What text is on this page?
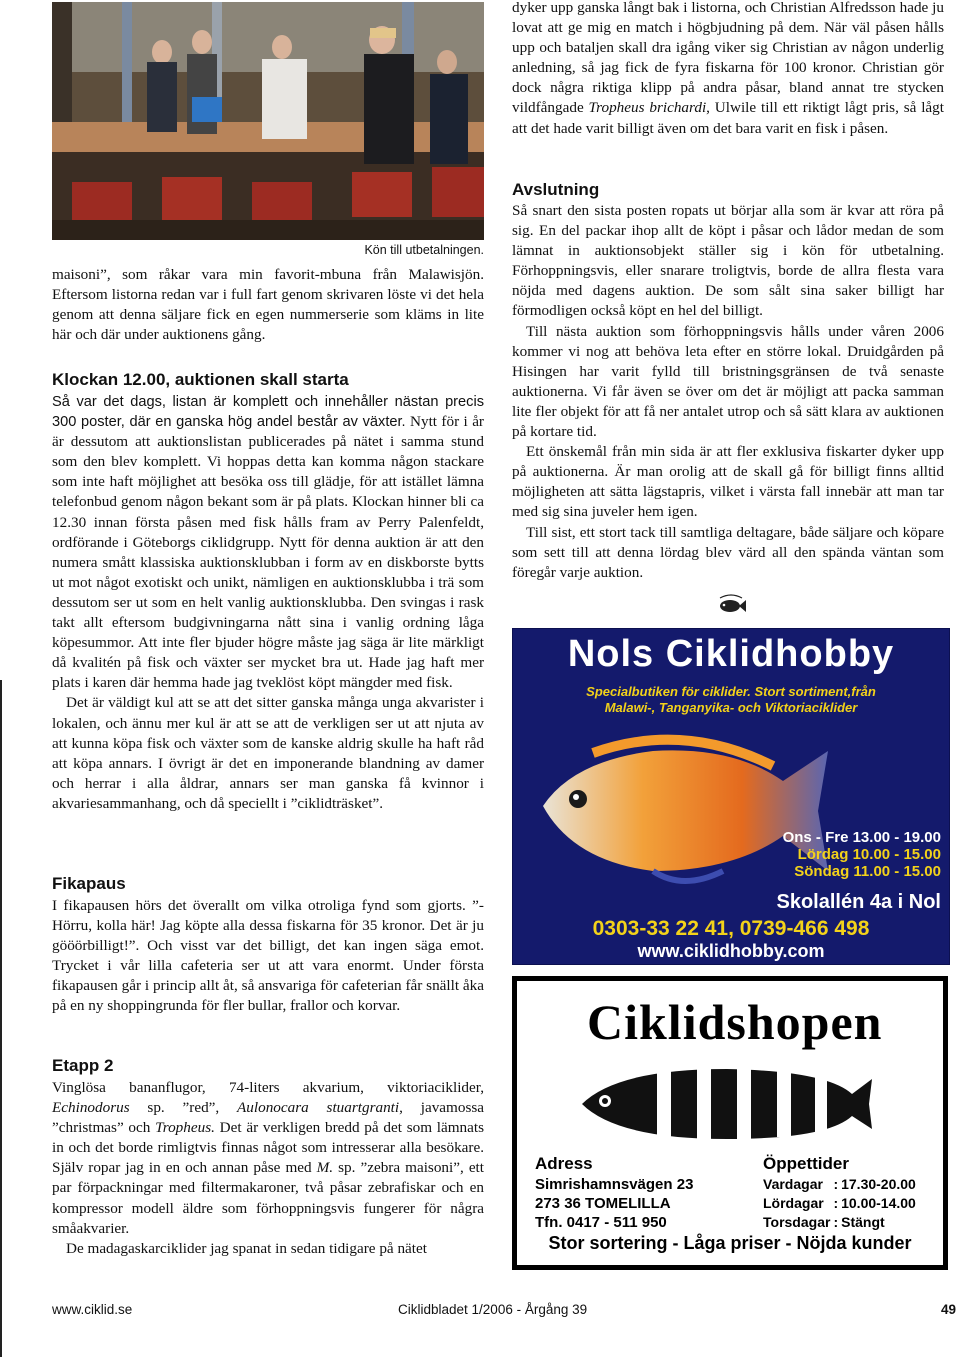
Kön till utbetalningen.

maisoni”, som råkar vara min favorit-mbuna från Malawisjön. Eftersom listorna redan var i full fart genom skrivaren löste vi det hela genom att denna säljare fick en egen nummerserie som kläms in lite här och där under auktionens gång.

Klockan 12.00, auktionen skall starta

Så var det dags, listan är komplett och innehåller nästan precis 300 poster, där en ganska hög andel består av växter. Nytt för i år är dessutom att auktionslistan publicerades på nätet i samma stund som den blev komplett. Vi hoppas detta kan komma någon stackare som inte haft möjlighet att besöka oss till glädje, för att istället lämna telefonbud genom någon bekant som är på plats. Klockan hinner bli ca 12.30 innan första påsen med fisk hålls fram av Perry Palenfeldt, ordförande i Göteborgs ciklidgrupp. Nytt för denna auktion är att den numera smått klassiska auktionsklubban i form av en diskborste bytts ut mot något exotiskt och unikt, nämligen en auktionsklubba i trä som dessutom ser ut som en helt vanlig auktionsklubba. Den svingas i rask takt allt eftersom budgivningarna nått sina i vanlig ordning låga köpesummor. Att inte fler bjuder högre måste jag säga är lite märkligt då kvalitén på fisk och växter ser mycket bra ut. Hade jag haft mer plats i karen där hemma hade jag tveklöst köpt mängder med fisk.

Det är väldigt kul att se att det sitter ganska många unga akvarister i lokalen, och ännu mer kul är att se att de verkligen ser ut att njuta av att kunna köpa fisk och växter som de kanske aldrig skulle ha haft råd att köpa annars. I övrigt är det en imponerande blandning av damer och herrar i alla åldrar, annars ser man ganska få kvinnor i akvariesammanhang, och då speciellt i ”ciklidträsket”.

Fikapaus

I fikapausen hörs det överallt om vilka otroliga fynd som gjorts. ”- Hörru, kolla här! Jag köpte alla dessa fiskarna för 35 kronor. Det är ju gööörbilligt!”. Och visst var det billigt, det kan ingen säga emot. Trycket i vår lilla cafeteria ser ut att vara enormt. Under första fikapausen går i princip allt åt, så ansvariga för cafeterian får snällt åka på en ny shoppingrunda för fler bullar, frallor och korvar.

Etapp 2

Vinglösa bananflugor, 74-liters akvarium, viktoriaciklider, Echinodorus sp. ”red”, Aulonocara stuartgranti, javamossa ”christmas” och Tropheus. Det är verkligen bredd på det som lämnats in och det borde rimligtvis finnas något som intresserar alla besökare. Själv ropar jag in en och annan påse med M. sp. ”zebra maisoni”, ett par förpackningar med filtermakaroner, två påsar zebrafiskar och en kompressor modell äldre som förhoppningsvis fungerer för några småakvarier.

De madagaskarciklider jag spanat in sedan tidigare på nätet

dyker upp ganska långt bak i listorna, och Christian Alfredsson hade ju lovat att ge mig en match i högbjudning på dem. När väl påsen hålls upp och bataljen skall dra igång viker sig Christian av någon underlig anledning, så jag fick de fyra fiskarna för 100 kronor. Christian gör dock några riktiga klipp på andra påsar, bland annat tre stycken vildfångade Tropheus brichardi, Ulwile till ett riktigt lågt pris, så lågt att det hade varit billigt även om det bara varit en fisk i påsen.

Avslutning

Så snart den sista posten ropats ut börjar alla som är kvar att röra på sig. En del packar ihop allt de köpt i påsar och lådor medan de som lämnat in auktionsobjekt ställer sig i kön för utbetalning. Förhoppningsvis, eller snarare troligtvis, borde de allra flesta vara nöjda med dagens auktion. De som sålt sina saker billigt har förmodligen också köpt en hel del billigt.

Till nästa auktion som förhoppningsvis hålls under våren 2006 kommer vi nog att behöva leta efter en större lokal. Druidgården på Hisingen har varit fylld till bristningsgränsen de två senaste auktionerna. Vi får även se över om det är möjligt att packa samman lite fler objekt för att få ner antalet utrop och så sätt klara av auktionen på kortare tid.

Ett önskemål från min sida är att fler exklusiva fiskarter dyker upp på auktionerna. Är man orolig att de skall gå för billigt finns alltid möjligheten att sätta lägstapris, vilket i värsta fall innebär att man tar med sig sina juveler hem igen.

Till sist, ett stort tack till samtliga deltagare, både säljare och köpare som sett till att denna lördag blev värd all den spända väntan som föregår varje auktion.

Nols Ciklidhobby
Specialbutiken för ciklider. Stort sortiment,från
Malawi-, Tanganyika- och Viktoriaciklider
Ons - Fre 13.00 - 19.00
Lördag 10.00 - 15.00
Söndag 11.00 - 15.00
Skolallén 4a i Nol
0303-33 22 41, 0739-466 498
www.ciklidhobby.com
Ciklidshopen
Adress
Simrishamnsvägen 23
273 36 TOMELILLA
Tfn. 0417 - 511 950
Öppettider
Vardagar	:	17.30-20.00
Lördagar	:	10.00-14.00
Torsdagar	:	Stängt
Stor sortering - Låga priser - Nöjda kunder
www.ciklid.se	Ciklidbladet 1/2006 - Årgång 39	49
